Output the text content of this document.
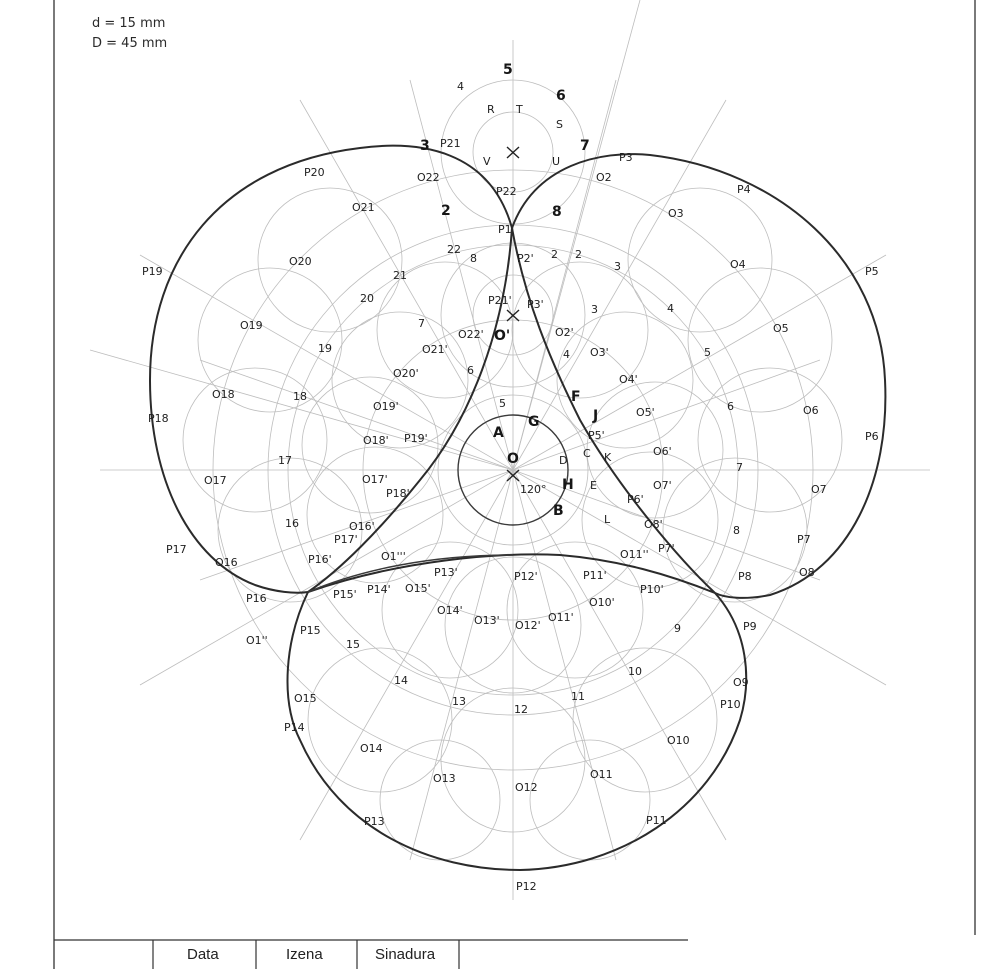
d = 15 mm
D = 45 mm
O
O'
120°
A
B
C
D
E
F
G
H
J
K
L
5
4
6
7
3
2	8
R T
S
V	U
P1
P3
P4
P5
P6
P7
P8
P9
P10
P11
P12
P13
P14
P15
P16
P17
P18
P19
P20
P21
P22
O2
O3
O4
O5
O6
O7
O8
O9
O10
O11
O12
O13
O14
O15
O16
O17
O18
O19
O20
O21
O22
2
3
4
5
6
7
8
9
10
11
12
13
14
15
16
17
18
19
20
21
22
P2'
P3'
P5'
P6'
P7'
P10'
P11'
P12'
P13'
P14'
P15'
P16'
P17'
P18'
P19'
P21'
O2'
O3'
O4'
O5'
O6'
O7'
O8'
O10'
O11'
O12'
O13'
O14'
O15'
O16'
O17'
O18'
O19'
O20'
O21'
O22'
O1''
O11''
O1'''
8
7
6
5
2
3
4
Data	Izena	Sinadura
